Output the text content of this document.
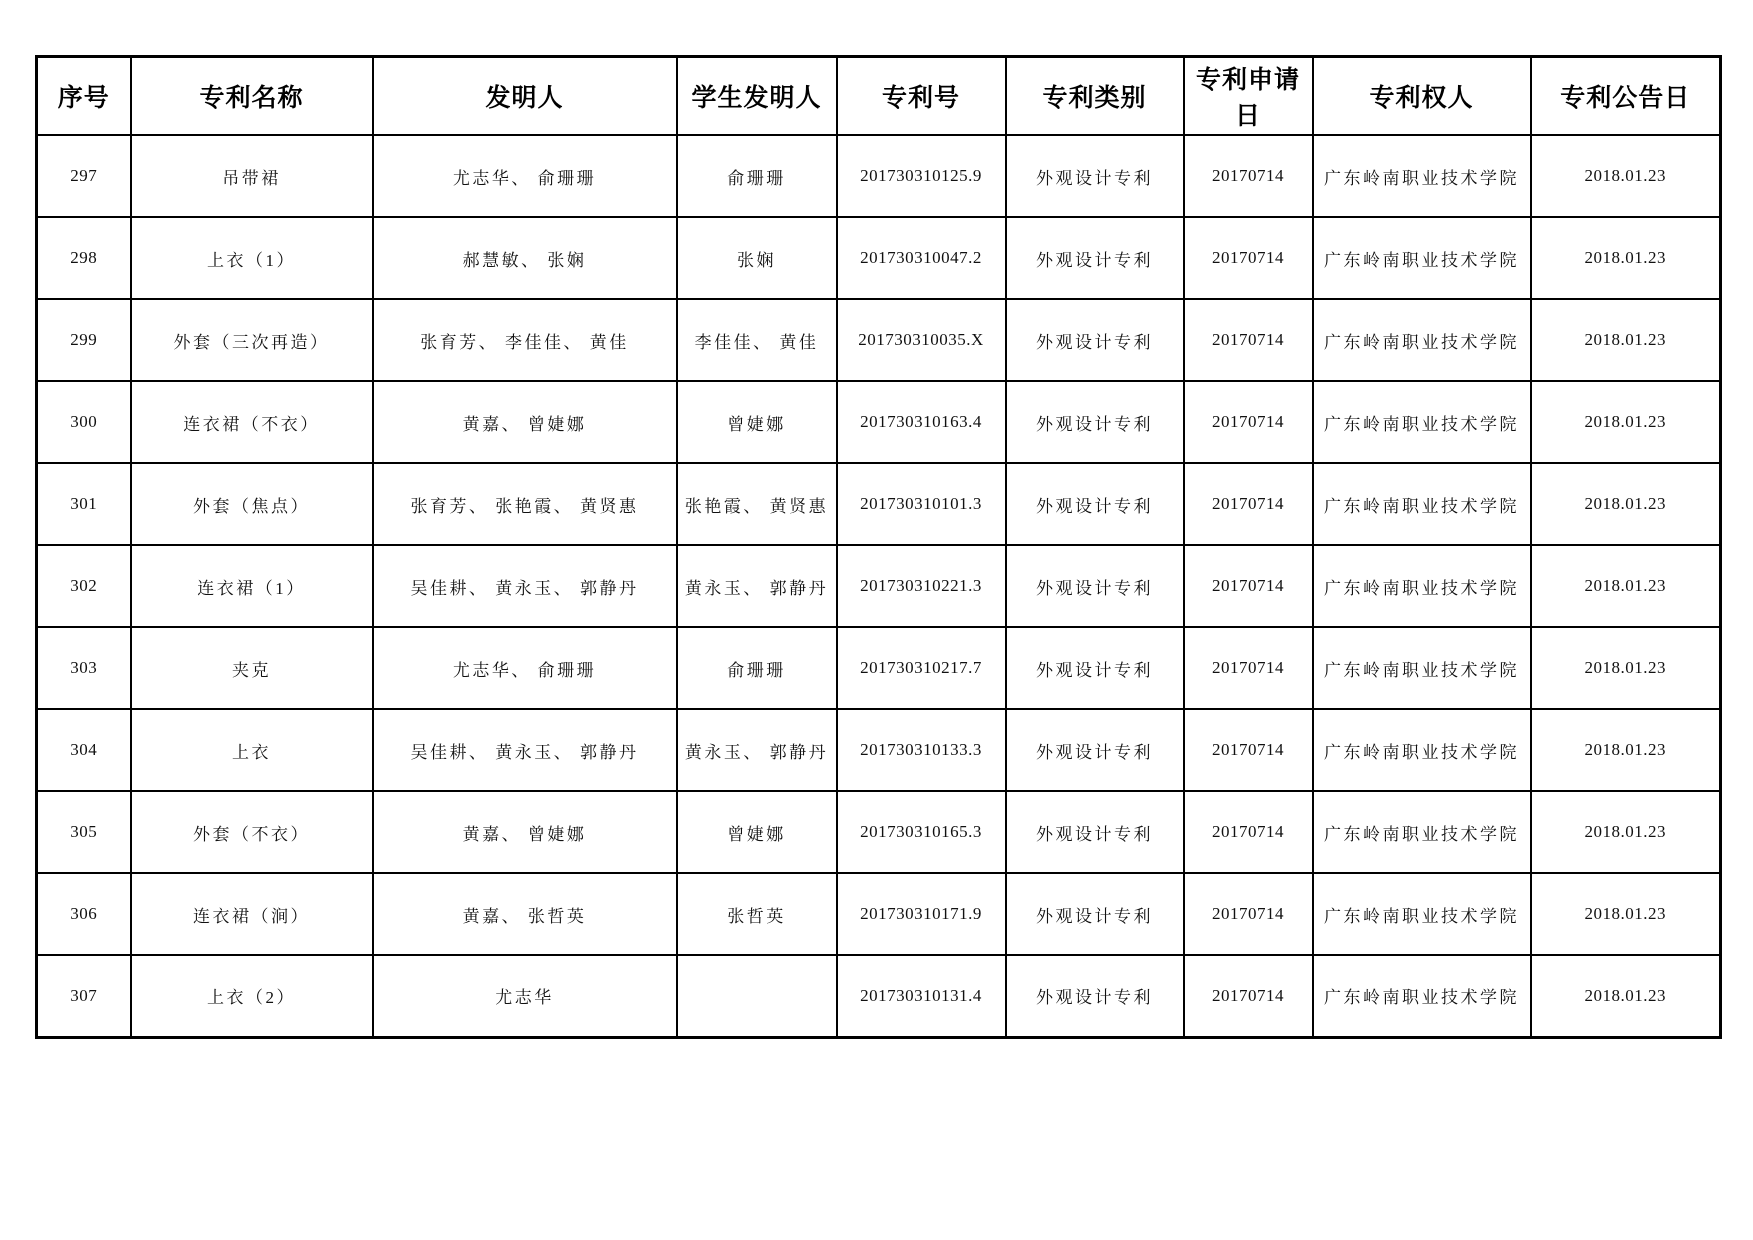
序号	专利名称	发明人	学生发明人	专利号	专利类别	专利申请日	专利权人	专利公告日
297	吊带裙	尤志华、 俞珊珊	俞珊珊	201730310125.9	外观设计专利	20170714	广东岭南职业技术学院	2018.01.23
298	上衣（1）	郝慧敏、 张娴	张娴	201730310047.2	外观设计专利	20170714	广东岭南职业技术学院	2018.01.23
299	外套（三次再造）	张育芳、 李佳佳、 黄佳	李佳佳、 黄佳	201730310035.X	外观设计专利	20170714	广东岭南职业技术学院	2018.01.23
300	连衣裙（不衣）	黄嘉、 曾婕娜	曾婕娜	201730310163.4	外观设计专利	20170714	广东岭南职业技术学院	2018.01.23
301	外套（焦点）	张育芳、 张艳霞、 黄贤惠	张艳霞、 黄贤惠	201730310101.3	外观设计专利	20170714	广东岭南职业技术学院	2018.01.23
302	连衣裙（1）	吴佳耕、 黄永玉、 郭静丹	黄永玉、 郭静丹	201730310221.3	外观设计专利	20170714	广东岭南职业技术学院	2018.01.23
303	夹克	尤志华、 俞珊珊	俞珊珊	201730310217.7	外观设计专利	20170714	广东岭南职业技术学院	2018.01.23
304	上衣	吴佳耕、 黄永玉、 郭静丹	黄永玉、 郭静丹	201730310133.3	外观设计专利	20170714	广东岭南职业技术学院	2018.01.23
305	外套（不衣）	黄嘉、 曾婕娜	曾婕娜	201730310165.3	外观设计专利	20170714	广东岭南职业技术学院	2018.01.23
306	连衣裙（涧）	黄嘉、 张哲英	张哲英	201730310171.9	外观设计专利	20170714	广东岭南职业技术学院	2018.01.23
307	上衣（2）	尤志华		201730310131.4	外观设计专利	20170714	广东岭南职业技术学院	2018.01.23
